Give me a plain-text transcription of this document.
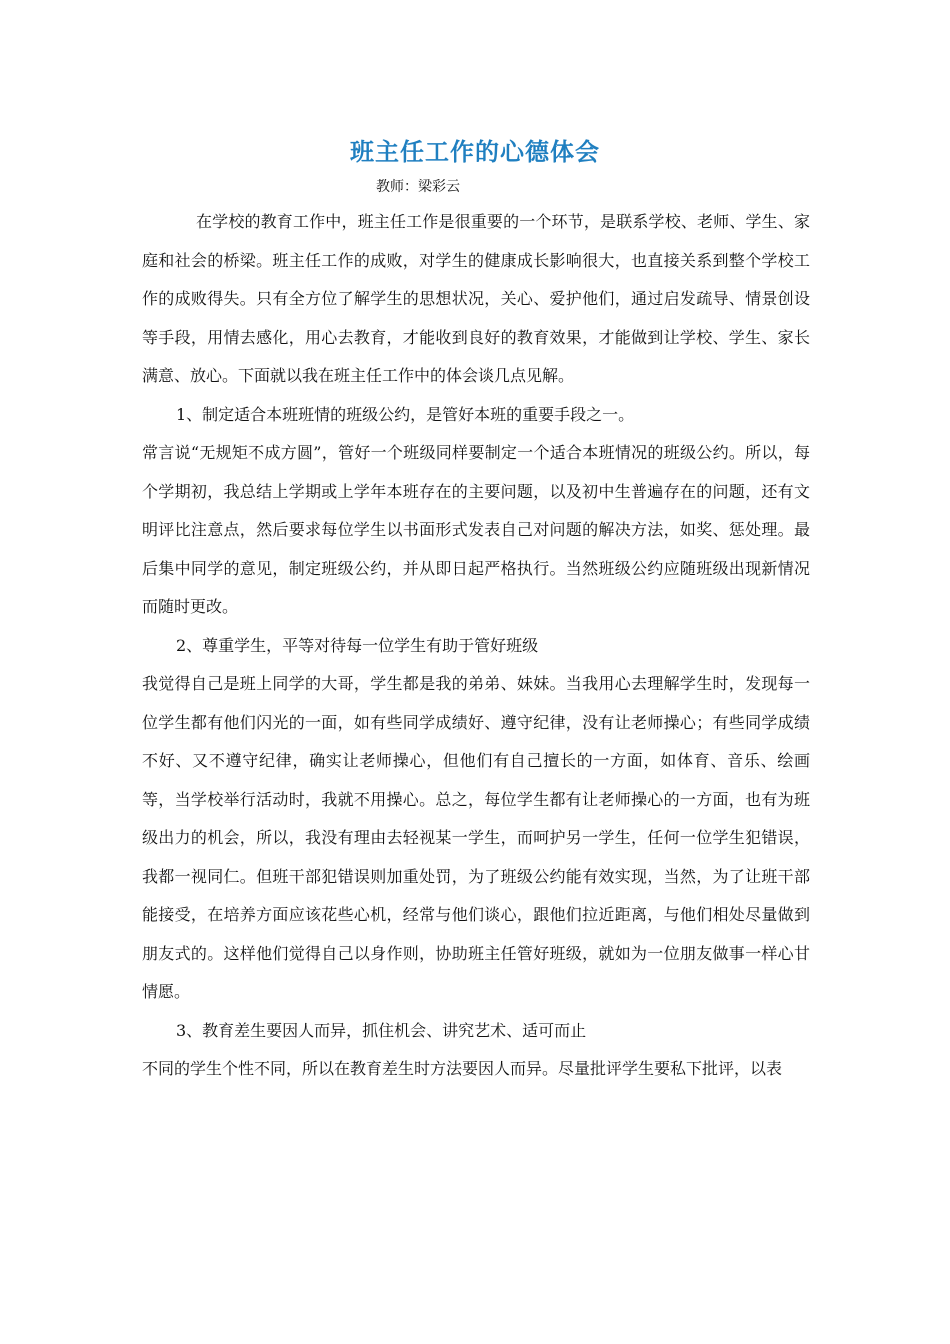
班主任工作的心德体会
教师：梁彩云

在学校的教育工作中，班主任工作是很重要的一个环节，是联系学校、老师、学生、家庭和社会的桥梁。班主任工作的成败，对学生的健康成长影响很大，也直接关系到整个学校工作的成败得失。只有全方位了解学生的思想状况，关心、爱护他们，通过启发疏导、情景创设等手段，用情去感化，用心去教育，才能收到良好的教育效果，才能做到让学校、学生、家长满意、放心。下面就以我在班主任工作中的体会谈几点见解。

1、制定适合本班班情的班级公约，是管好本班的重要手段之一。

常言说“无规矩不成方圆”，管好一个班级同样要制定一个适合本班情况的班级公约。所以，每个学期初，我总结上学期或上学年本班存在的主要问题，以及初中生普遍存在的问题，还有文明评比注意点，然后要求每位学生以书面形式发表自己对问题的解决方法，如奖、惩处理。最后集中同学的意见，制定班级公约，并从即日起严格执行。当然班级公约应随班级出现新情况而随时更改。

2、尊重学生，平等对待每一位学生有助于管好班级

我觉得自己是班上同学的大哥，学生都是我的弟弟、妹妹。当我用心去理解学生时，发现每一位学生都有他们闪光的一面，如有些同学成绩好、遵守纪律，没有让老师操心；有些同学成绩不好、又不遵守纪律，确实让老师操心，但他们有自己擅长的一方面，如体育、音乐、绘画等，当学校举行活动时，我就不用操心。总之，每位学生都有让老师操心的一方面，也有为班级出力的机会，所以，我没有理由去轻视某一学生，而呵护另一学生，任何一位学生犯错误，我都一视同仁。但班干部犯错误则加重处罚，为了班级公约能有效实现，当然，为了让班干部能接受，在培养方面应该花些心机，经常与他们谈心，跟他们拉近距离，与他们相处尽量做到朋友式的。这样他们觉得自己以身作则，协助班主任管好班级，就如为一位朋友做事一样心甘情愿。

3、教育差生要因人而异，抓住机会、讲究艺术、适可而止

不同的学生个性不同，所以在教育差生时方法要因人而异。尽量批评学生要私下批评，以表
